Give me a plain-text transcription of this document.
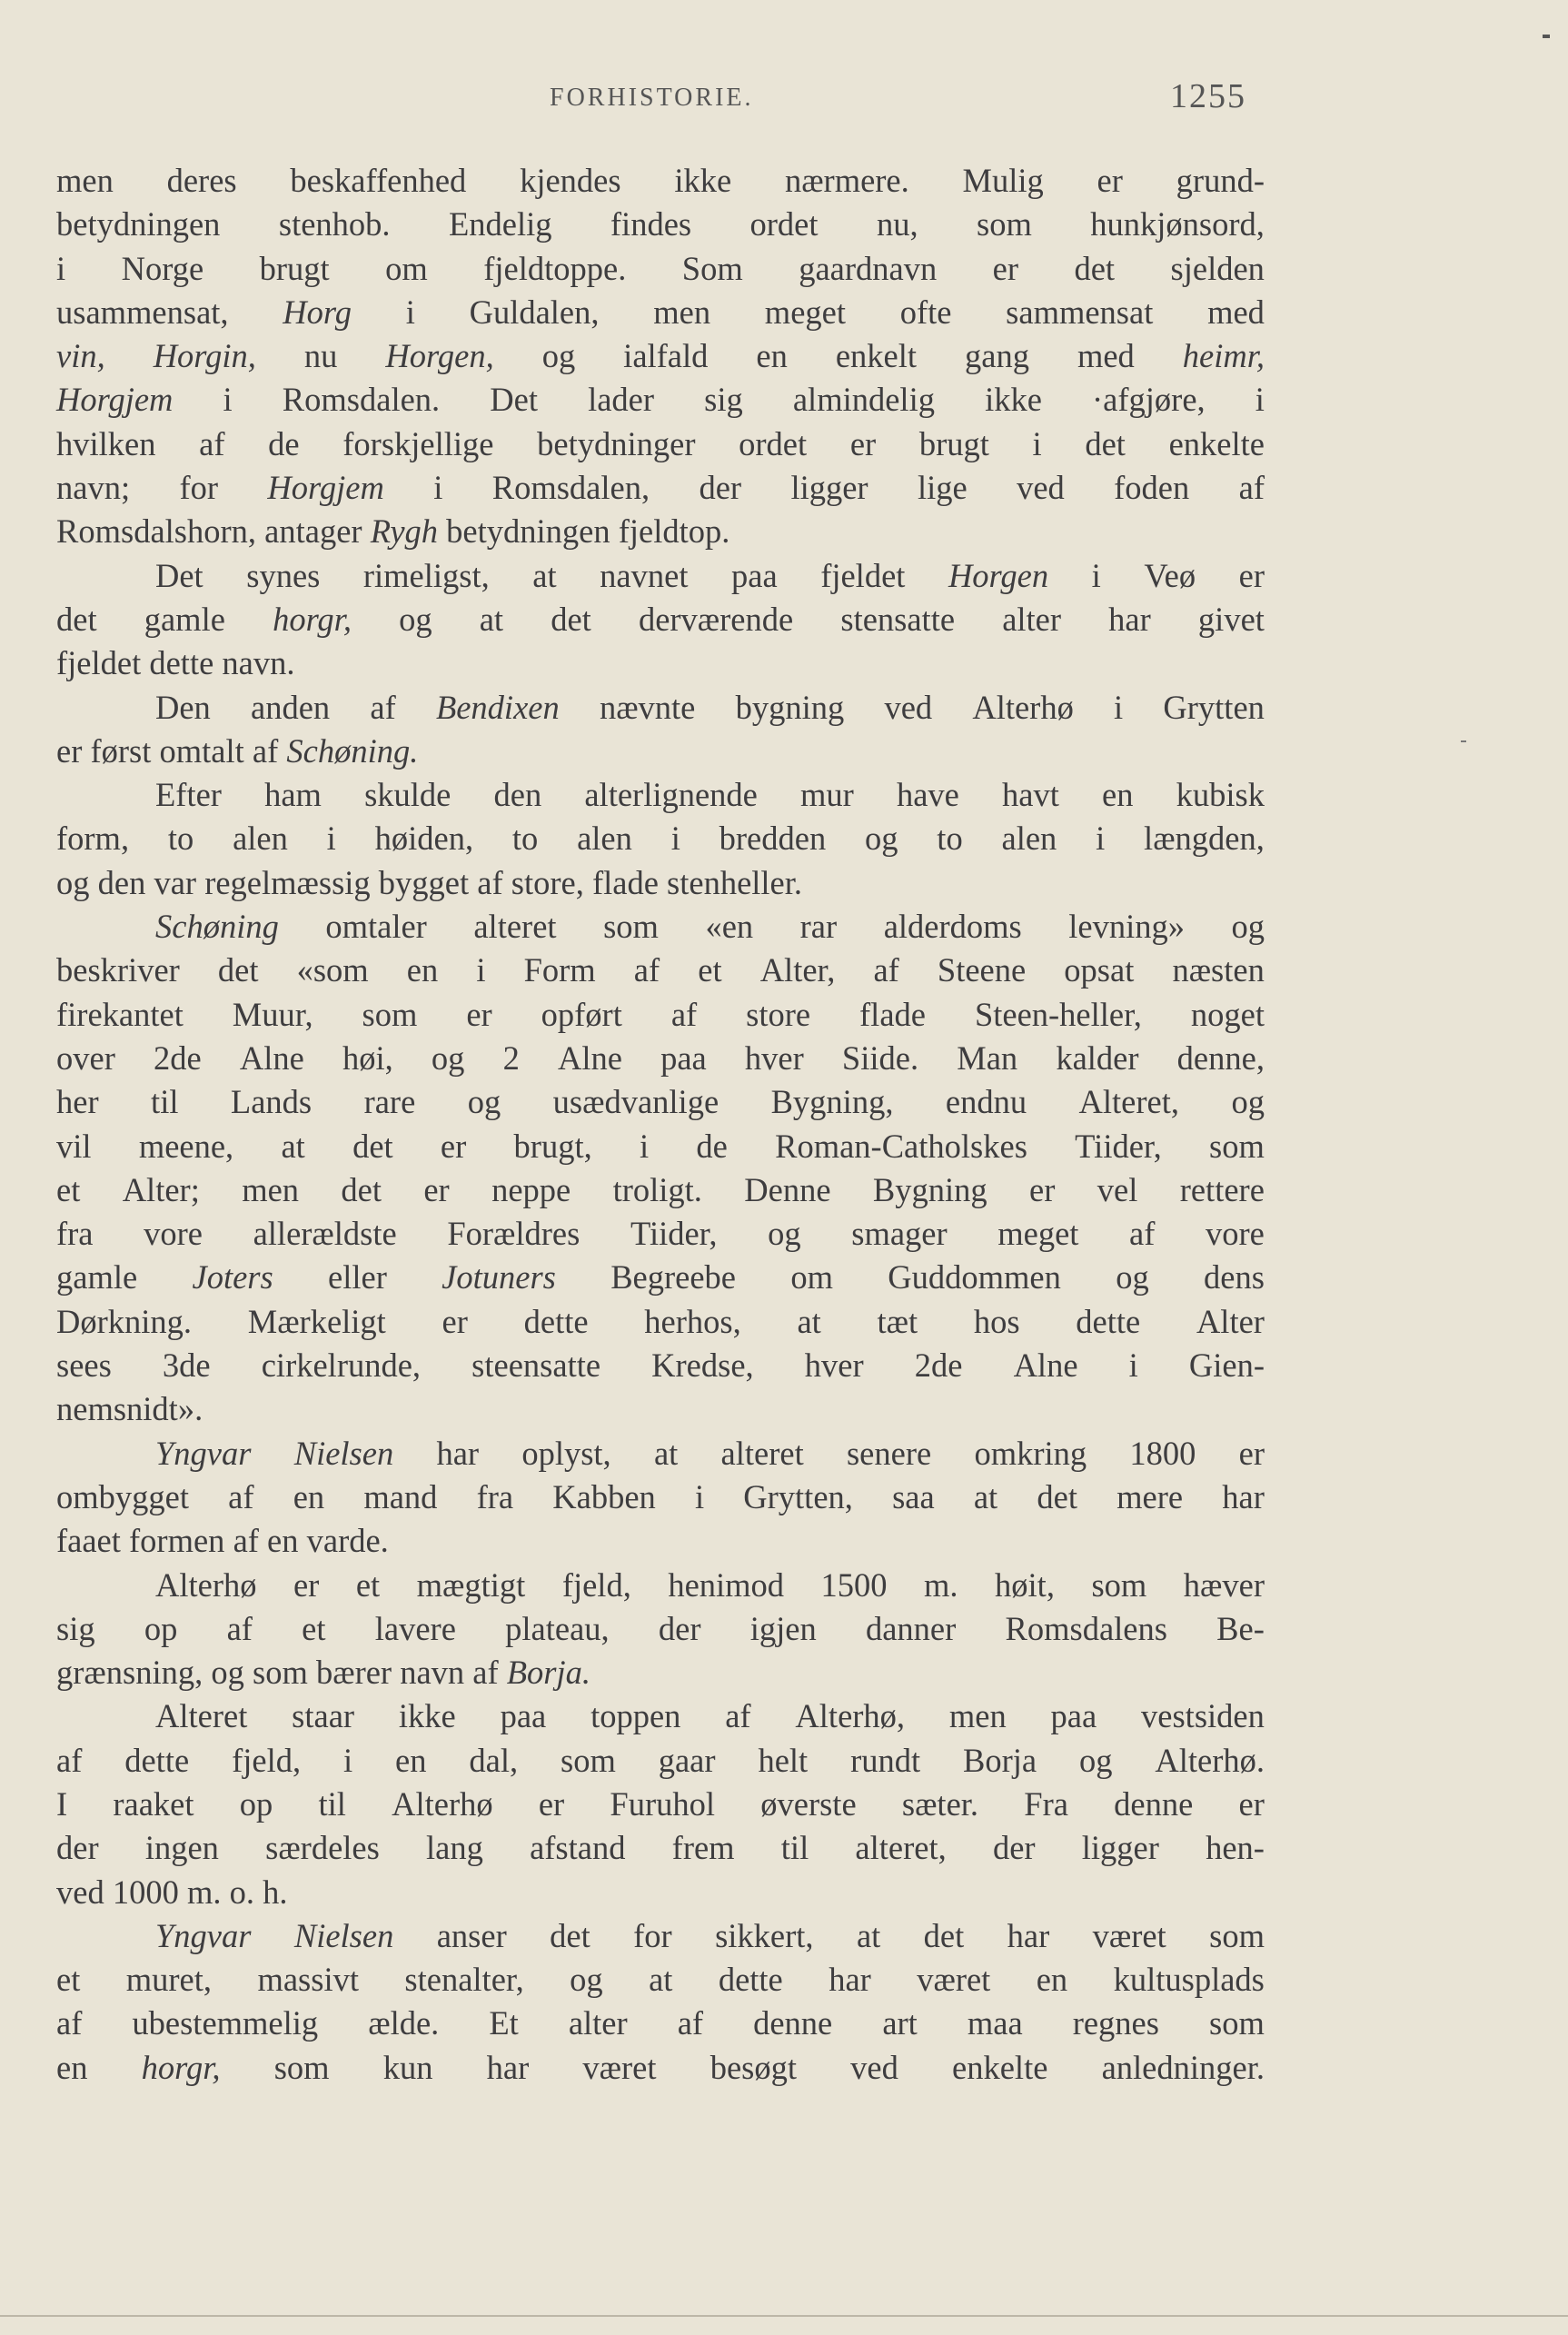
FORHISTORIE.	1255
men deres beskaffenhed kjendes ikke nærmere. Mulig er grund-
betydningen stenhob. Endelig findes ordet nu, som hunkjønsord,
i Norge brugt om fjeldtoppe. Som gaardnavn er det sjelden
usammensat, Horg i Guldalen, men meget ofte sammensat med
vin, Horgin, nu Horgen, og ialfald en enkelt gang med heimr,
Horgjem i Romsdalen. Det lader sig almindelig ikke ·afgjøre, i
hvilken af de forskjellige betydninger ordet er brugt i det enkelte
navn; for Horgjem i Romsdalen, der ligger lige ved foden af
Romsdalshorn,
antager
Rygh
betydningen
fjeldtop.
Det synes rimeligst, at navnet paa fjeldet Horgen i Veø er
det gamle horgr, og at det derværende stensatte alter har givet
fjeldet
dette
navn.
Den anden af Bendixen nævnte bygning ved Alterhø i Grytten
er
først
omtalt
af
Schøning.
Efter ham skulde den alterlignende mur have havt en kubisk
form, to alen i høiden, to alen i bredden og to alen i længden,
og
den
var
regelmæssig
bygget
af
store,
flade
stenheller.
Schøning omtaler alteret som «en rar alderdoms levning» og
beskriver det «som en i Form af et Alter, af Steene opsat næsten
firekantet Muur, som er opført af store flade Steen-heller, noget
over 2de Alne høi, og 2 Alne paa hver Siide. Man kalder denne,
her til Lands rare og usædvanlige Bygning, endnu Alteret, og
vil meene, at det er brugt, i de Roman-Catholskes Tiider, som
et Alter; men det er neppe troligt. Denne Bygning er vel rettere
fra vore allerældste Forældres Tiider, og smager meget af vore
gamle Joters eller Jotuners Begreebe om Guddommen og dens
Dørkning. Mærkeligt er dette herhos, at tæt hos dette Alter
sees 3de cirkelrunde, steensatte Kredse, hver 2de Alne i Gien-
nemsnidt».
Yngvar Nielsen har oplyst, at alteret senere omkring 1800 er
ombygget af en mand fra Kabben i Grytten, saa at det mere har
faaet
formen
af
en
varde.
Alterhø er et mægtigt fjeld, henimod 1500 m. høit, som hæver
sig op af et lavere plateau, der igjen danner Romsdalens Be-
grænsning,
og
som
bærer
navn
af
Borja.
Alteret staar ikke paa toppen af Alterhø, men paa vestsiden
af dette fjeld, i en dal, som gaar helt rundt Borja og Alterhø.
I raaket op til Alterhø er Furuhol øverste sæter. Fra denne er
der ingen særdeles lang afstand frem til alteret, der ligger hen-
ved
1000
m.
o.
h.
Yngvar Nielsen anser det for sikkert, at det har været som
et muret, massivt stenalter, og at dette har været en kultusplads
af ubestemmelig ælde. Et alter af denne art maa regnes som
en horgr, som kun har været besøgt ved enkelte anledninger.
